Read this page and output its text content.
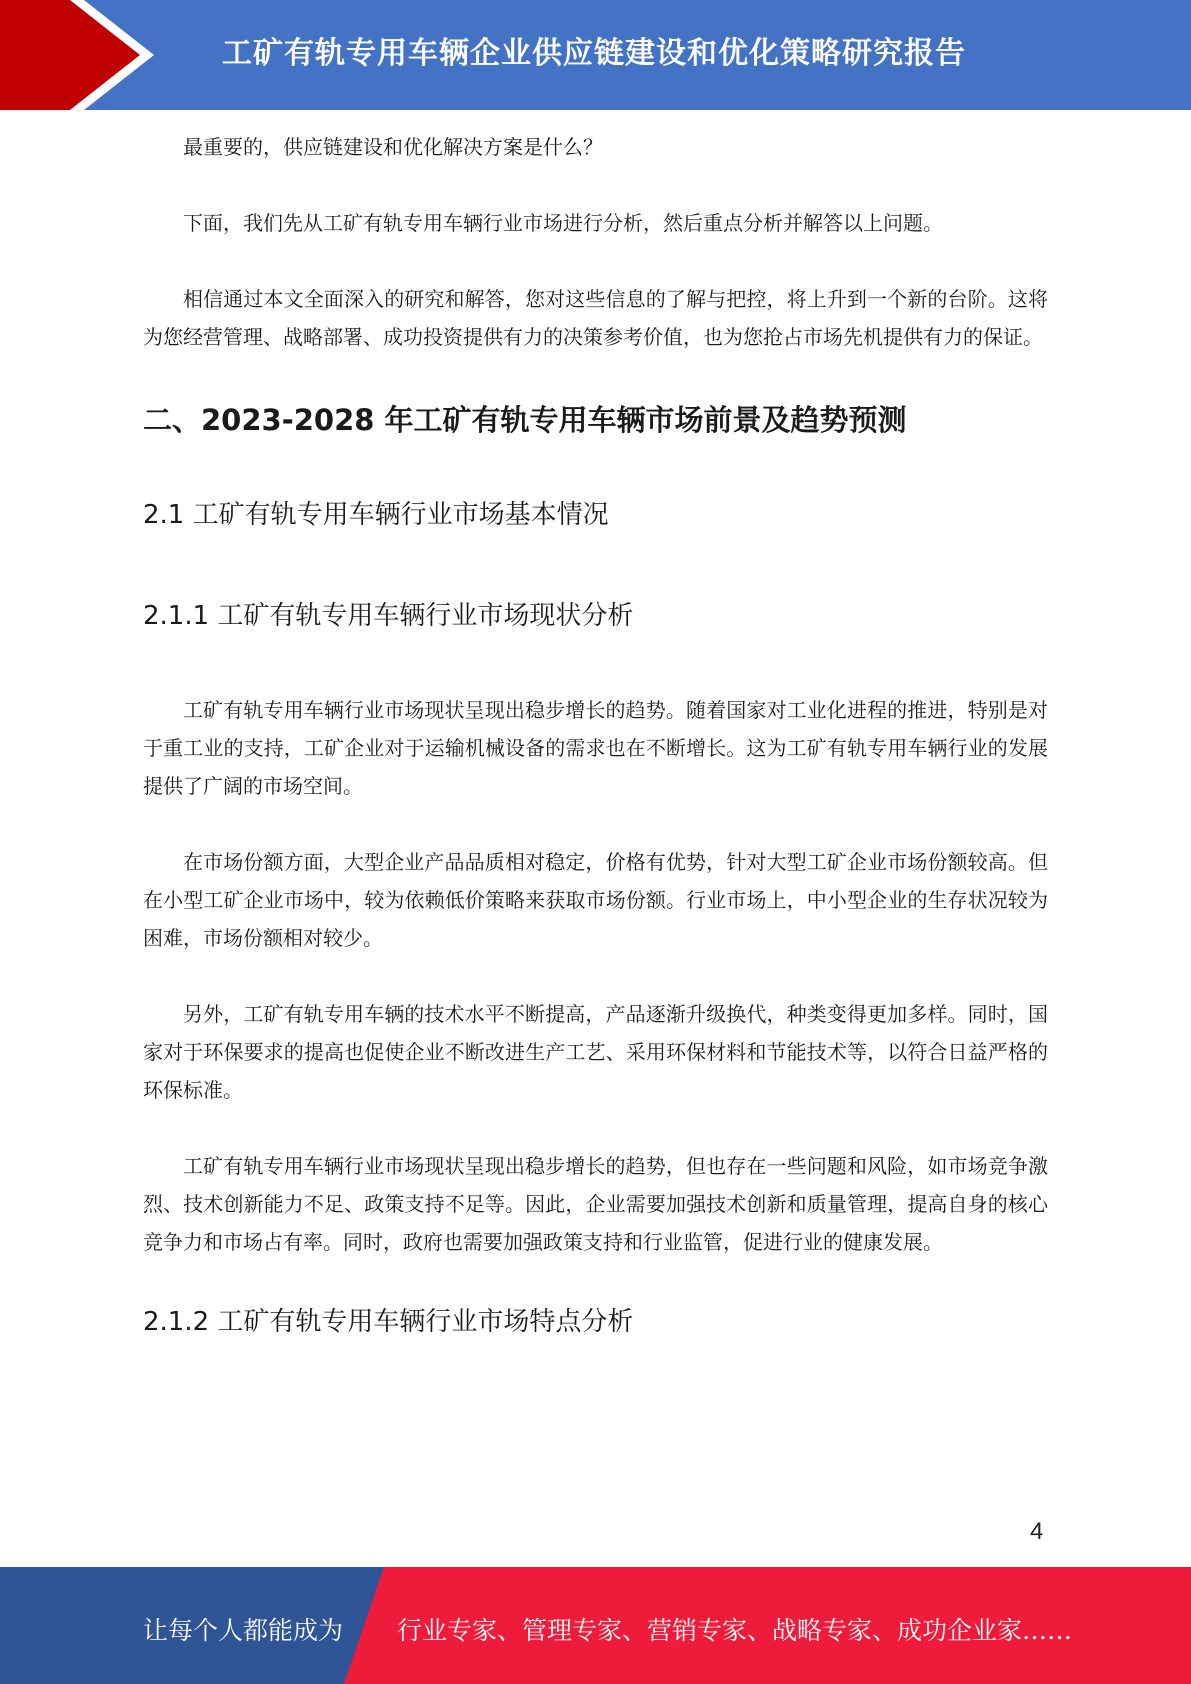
工矿有轨专用车辆企业供应链建设和优化策略研究报告

最重要的，供应链建设和优化解决方案是什么？

下面，我们先从工矿有轨专用车辆行业市场进行分析，然后重点分析并解答以上问题。

相信通过本文全面深入的研究和解答，您对这些信息的了解与把控，将上升到一个新的台阶。这将为您经营管理、战略部署、成功投资提供有力的决策参考价值，也为您抢占市场先机提供有力的保证。

二、2023-2028 年工矿有轨专用车辆市场前景及趋势预测
2.1 工矿有轨专用车辆行业市场基本情况
2.1.1 工矿有轨专用车辆行业市场现状分析

工矿有轨专用车辆行业市场现状呈现出稳步增长的趋势。随着国家对工业化进程的推进，特别是对于重工业的支持，工矿企业对于运输机械设备的需求也在不断增长。这为工矿有轨专用车辆行业的发展提供了广阔的市场空间。

在市场份额方面，大型企业产品品质相对稳定，价格有优势，针对大型工矿企业市场份额较高。但在小型工矿企业市场中，较为依赖低价策略来获取市场份额。行业市场上，中小型企业的生存状况较为困难，市场份额相对较少。

另外，工矿有轨专用车辆的技术水平不断提高，产品逐渐升级换代，种类变得更加多样。同时，国家对于环保要求的提高也促使企业不断改进生产工艺、采用环保材料和节能技术等，以符合日益严格的环保标准。

工矿有轨专用车辆行业市场现状呈现出稳步增长的趋势，但也存在一些问题和风险，如市场竞争激烈、技术创新能力不足、政策支持不足等。因此，企业需要加强技术创新和质量管理，提高自身的核心竞争力和市场占有率。同时，政府也需要加强政策支持和行业监管，促进行业的健康发展。

2.1.2 工矿有轨专用车辆行业市场特点分析
4
让每个人都能成为 行业专家、管理专家、营销专家、战略专家、成功企业家……
